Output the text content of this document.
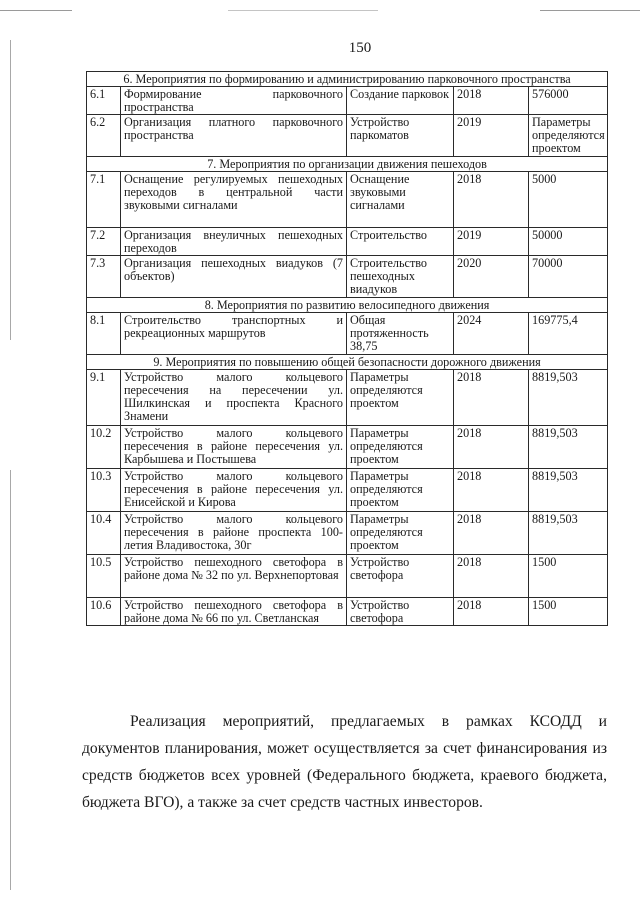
150
6. Мероприятия по формированию и администрированию парковочного пространства				
6.1	Формирование парковочного пространства	Создание парковок	2018	576000
6.2	Организация платного парковочного пространства	Устройство паркоматов	2019	Параметры определяются проектом
7. Мероприятия по организации движения пешеходов				
7.1	Оснащение регулируемых пешеходных переходов в центральной части звуковыми сигналами	Оснащение звуковыми сигналами	2018	5000
7.2	Организация внеуличных пешеходных переходов	Строительство	2019	50000
7.3	Организация пешеходных виадуков (7 объектов)	Строительство пешеходных виадуков	2020	70000
8. Мероприятия по развитию велосипедного движения				
8.1	Строительство транспортных и рекреационных маршрутов	Общая протяженность 38,75	2024	169775,4
9. Мероприятия по повышению общей безопасности дорожного движения				
9.1	Устройство малого кольцевого пересечения на пересечении ул. Шилкинская и проспекта Красного Знамени	Параметры определяются проектом	2018	8819,503
10.2	Устройство малого кольцевого пересечения в районе пересечения ул. Карбышева и Постышева	Параметры определяются проектом	2018	8819,503
10.3	Устройство малого кольцевого пересечения в районе пересечения ул. Енисейской и Кирова	Параметры определяются проектом	2018	8819,503
10.4	Устройство малого кольцевого пересечения в районе проспекта 100-летия Владивостока, 30г	Параметры определяются проектом	2018	8819,503
10.5	Устройство пешеходного светофора в районе дома № 32 по ул. Верхнепортовая	Устройство светофора	2018	1500
10.6	Устройство пешеходного светофора в районе дома № 66 по ул. Светланская	Устройство светофора	2018	1500
Реализация мероприятий, предлагаемых в рамках КСОДД и документов планирования, может осуществляется за счет финансирования из средств бюджетов всех уровней (Федерального бюджета, краевого бюджета, бюджета ВГО), а также за счет средств частных инвесторов.
